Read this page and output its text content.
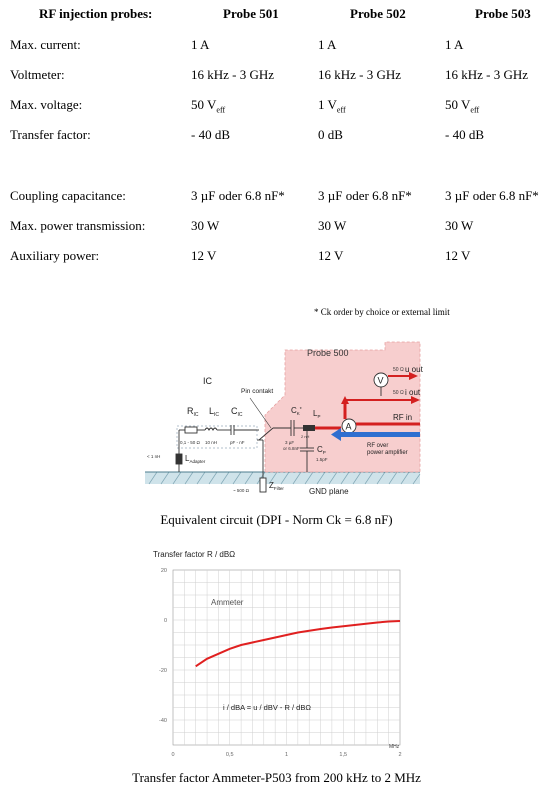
RF injection probes:	Probe 501	Probe 502	Probe 503
Max. current:	1 A	1 A	1 A
Voltmeter:	16 kHz - 3 GHz	16 kHz - 3 GHz	16 kHz - 3 GHz
Max. voltage:	50 $V_{eff}$	1 $V_{eff}$	50 $V_{eff}$
Transfer factor:	- 40 dB	0 dB	- 40 dB
Coupling capacitance:	3 µF oder 6.8 nF*	3 µF oder 6.8 nF*	3 µF oder 6.8 nF*
Max. power transmission:	30 W	30 W	30 W
Auxiliary power:	12 V	12 V	12 V
* Ck order by choice or external limit
Probe 500
IC
Pin contakt
$R_{IC}$ $L_{IC}$ $C_{IC}$
0,1 - 50 Ω 10 nH	pF - nF
< 1 nH	$L_{Adapter}$
~ 500 Ω
$Z_{Filter}$	GND plane
$C_K^*$
3 µF
or 6.8nF
$L_P$
2 nH
$C_P$
1.5pF
A
RF in
50 Ω i out
V
50 Ω u out
RF over
power amplifier
Equivalent circuit (DPI - Norm Ck = 6.8 nF)
Transfer factor R / dBΩ
20
0
-20
-40
0	0,5	1	1,5	2
Ammeter
i / dBA = u / dBV - R / dBΩ
MHz
Transfer factor Ammeter-P503 from 200 kHz to 2 MHz
